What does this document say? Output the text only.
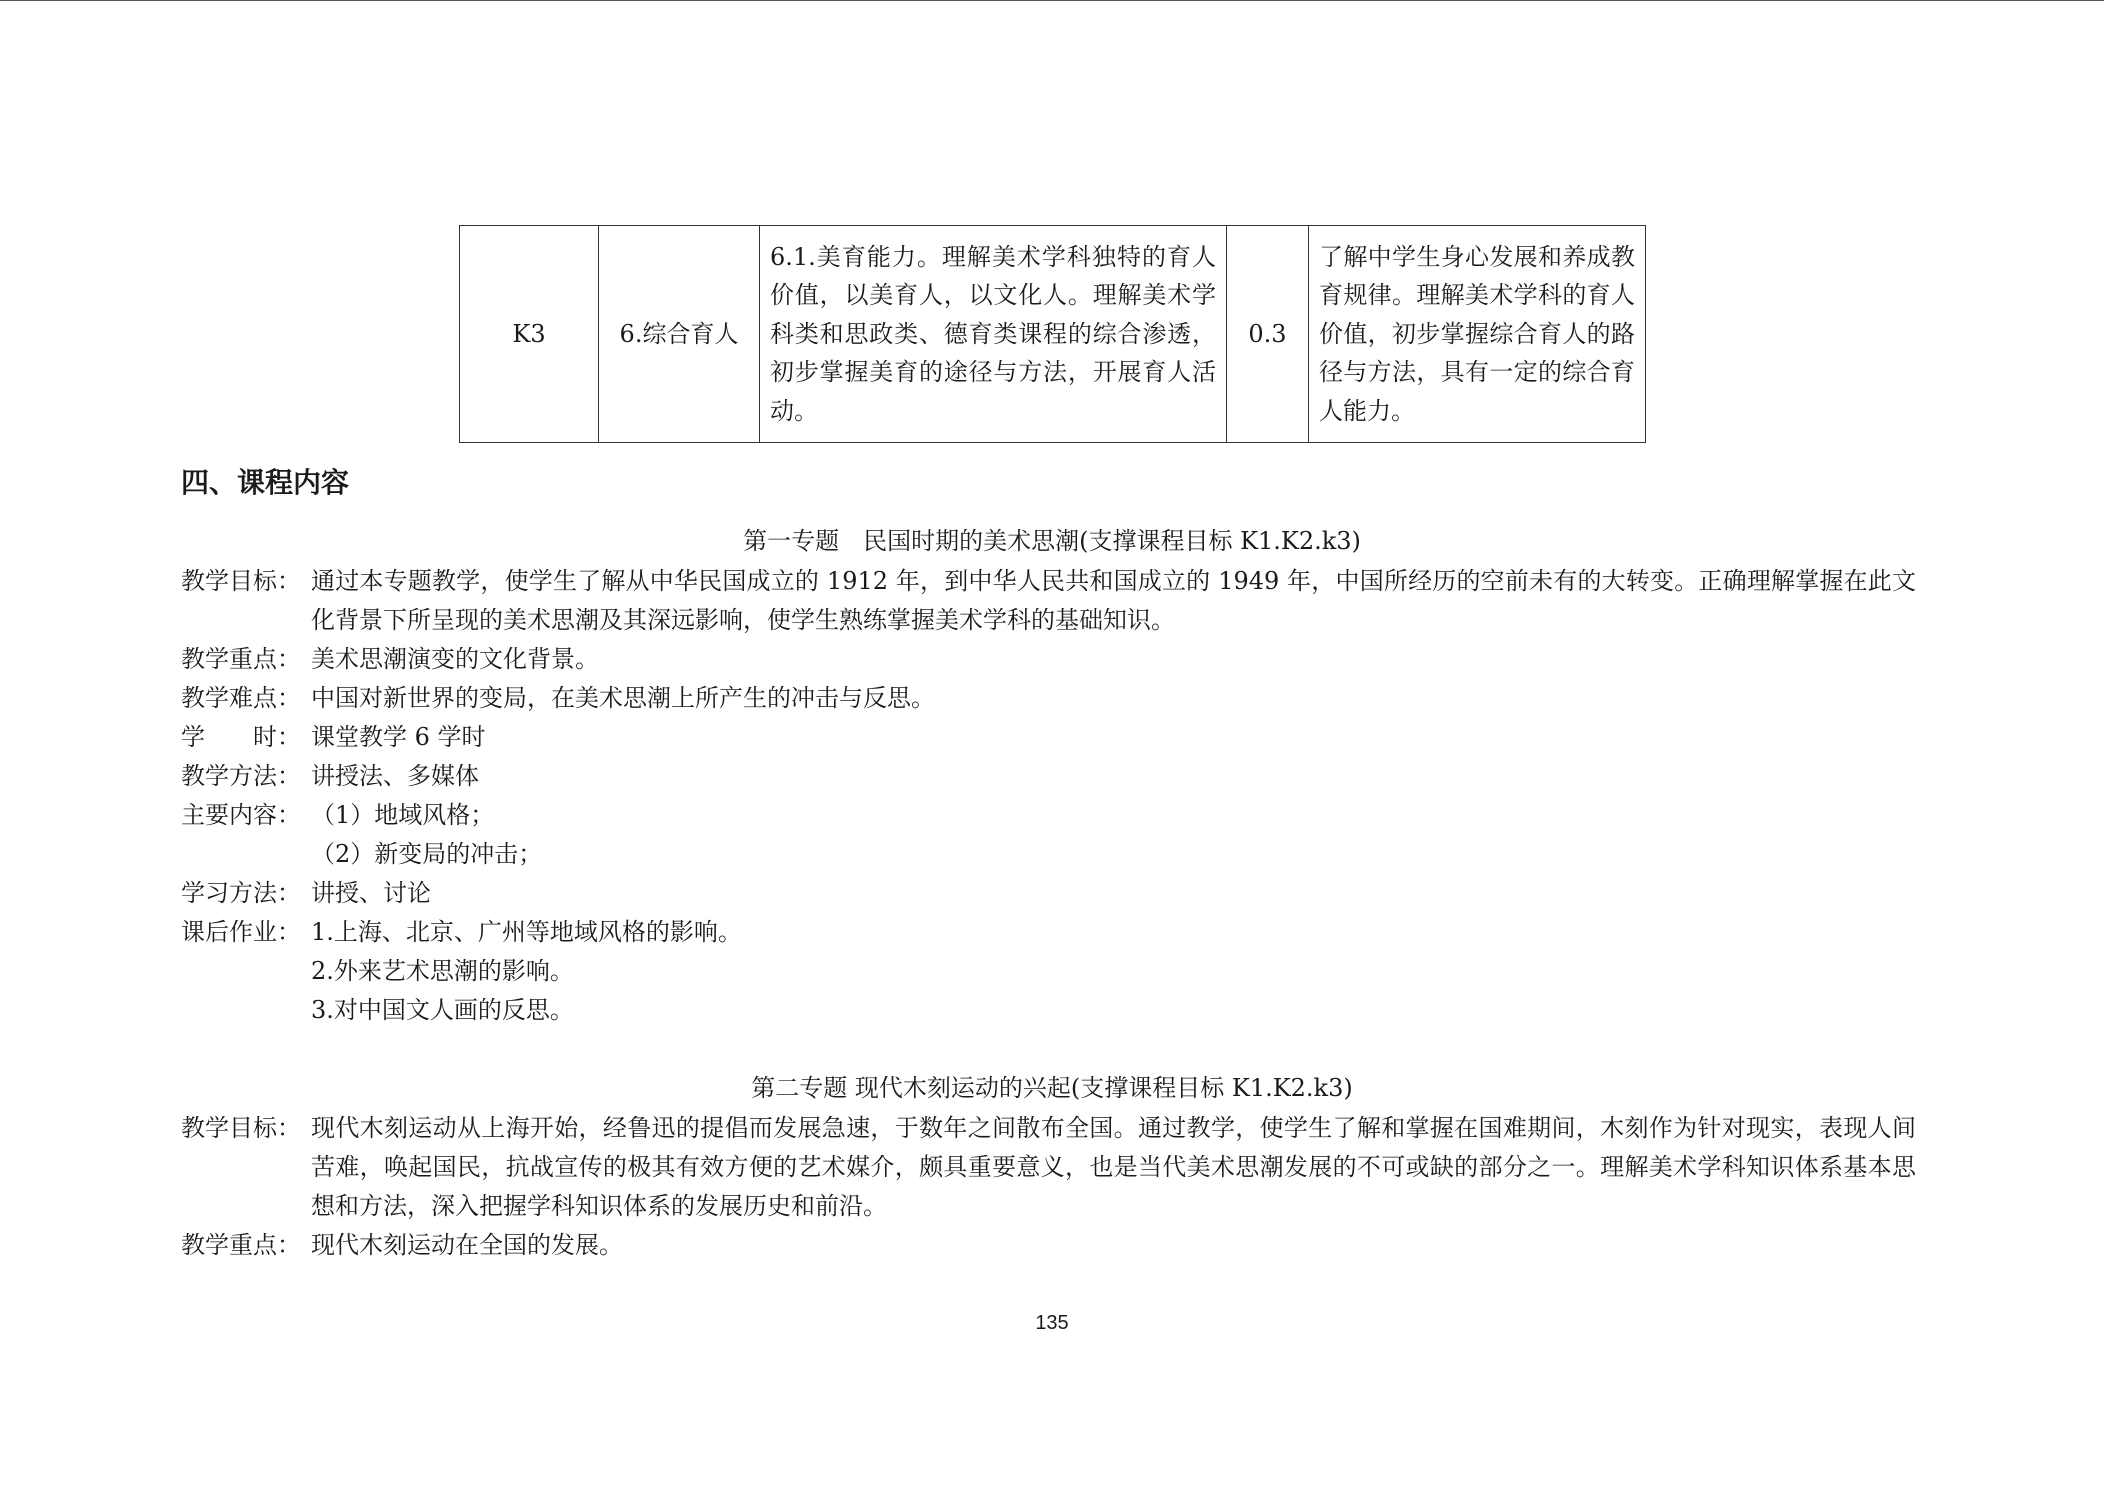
K3	6.综合育人	6.1.美育能力。理解美术学科独特的育人价值，以美育人，以文化人。理解美术学科类和思政类、德育类课程的综合渗透，初步掌握美育的途径与方法，开展育人活动。	0.3	了解中学生身心发展和养成教育规律。理解美术学科的育人价值，初步掌握综合育人的路径与方法，具有一定的综合育人能力。
四、课程内容
第一专题　民国时期的美术思潮(支撑课程目标 K1.K2.k3)
教学目标： 通过本专题教学，使学生了解从中华民国成立的 1912 年，到中华人民共和国成立的 1949 年，中国所经历的空前未有的大转变。正确理解掌握在此文化背景下所呈现的美术思潮及其深远影响，使学生熟练掌握美术学科的基础知识。
教学重点： 美术思潮演变的文化背景。
教学难点： 中国对新世界的变局，在美术思潮上所产生的冲击与反思。
学　　时： 课堂教学 6 学时
教学方法： 讲授法、多媒体
主要内容： （1）地域风格；
（2）新变局的冲击；
学习方法： 讲授、讨论
课后作业： 1.上海、北京、广州等地域风格的影响。
2.外来艺术思潮的影响。
3.对中国文人画的反思。
第二专题 现代木刻运动的兴起(支撑课程目标 K1.K2.k3)
教学目标： 现代木刻运动从上海开始，经鲁迅的提倡而发展急速，于数年之间散布全国。通过教学，使学生了解和掌握在国难期间，木刻作为针对现实，表现人间苦难，唤起国民，抗战宣传的极其有效方便的艺术媒介，颇具重要意义，也是当代美术思潮发展的不可或缺的部分之一。理解美术学科知识体系基本思想和方法，深入把握学科知识体系的发展历史和前沿。
教学重点： 现代木刻运动在全国的发展。
135
